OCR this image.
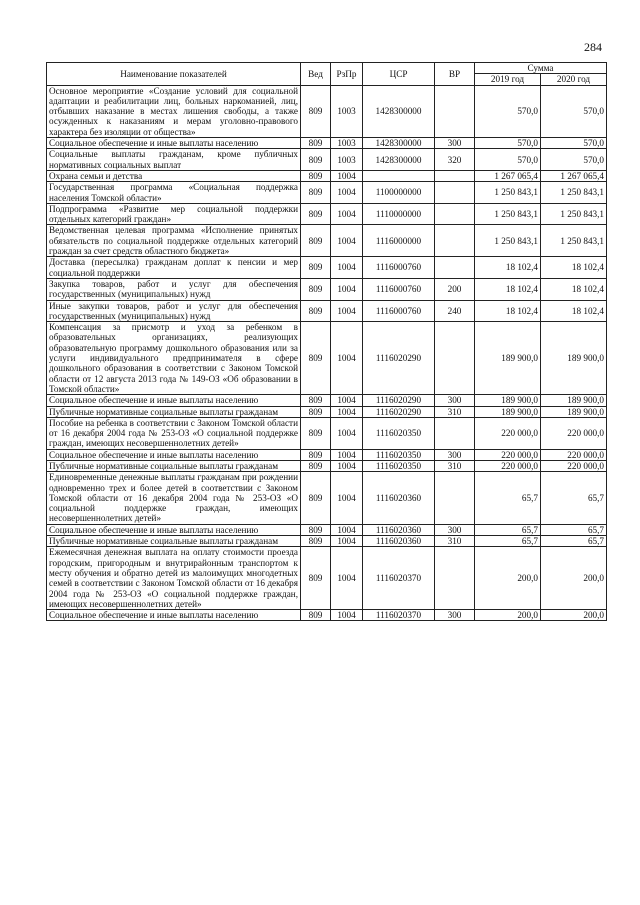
284
Наименование показателей	Вед	РзПр	ЦСР	ВР	Сумма	
					2019 год	2020 год
Основное мероприятие «Создание условий для социальной адаптации и реабилитации лиц, больных наркоманией, лиц, отбывших наказание в местах лишения свободы, а также осужденных к наказаниям и мерам уголовно-правового характера без изоляции от общества»	809	1003	1428300000		570,0	570,0
Социальное обеспечение и иные выплаты населению	809	1003	1428300000	300	570,0	570,0
Социальные выплаты гражданам, кроме публичных нормативных социальных выплат	809	1003	1428300000	320	570,0	570,0
Охрана семьи и детства	809	1004			1 267 065,4	1 267 065,4
Государственная программа «Социальная поддержка населения Томской области»	809	1004	1100000000		1 250 843,1	1 250 843,1
Подпрограмма «Развитие мер социальной поддержки отдельных категорий граждан»	809	1004	1110000000		1 250 843,1	1 250 843,1
Ведомственная целевая программа «Исполнение принятых обязательств по социальной поддержке отдельных категорий граждан за счет средств областного бюджета»	809	1004	1116000000		1 250 843,1	1 250 843,1
Доставка (пересылка) гражданам доплат к пенсии и мер социальной поддержки	809	1004	1116000760		18 102,4	18 102,4
Закупка товаров, работ и услуг для обеспечения государственных (муниципальных) нужд	809	1004	1116000760	200	18 102,4	18 102,4
Иные закупки товаров, работ и услуг для обеспечения государственных (муниципальных) нужд	809	1004	1116000760	240	18 102,4	18 102,4
Компенсация за присмотр и уход за ребенком в образовательных организациях, реализующих образовательную программу дошкольного образования или за услуги индивидуального предпринимателя в сфере дошкольного образования в соответствии с Законом Томской области от 12 августа 2013 года № 149-ОЗ «Об образовании в Томской области»	809	1004	1116020290		189 900,0	189 900,0
Социальное обеспечение и иные выплаты населению	809	1004	1116020290	300	189 900,0	189 900,0
Публичные нормативные социальные выплаты гражданам	809	1004	1116020290	310	189 900,0	189 900,0
Пособие на ребенка в соответствии с Законом Томской области от 16 декабря 2004 года № 253-ОЗ «О социальной поддержке граждан, имеющих несовершеннолетних детей»	809	1004	1116020350		220 000,0	220 000,0
Социальное обеспечение и иные выплаты населению	809	1004	1116020350	300	220 000,0	220 000,0
Публичные нормативные социальные выплаты гражданам	809	1004	1116020350	310	220 000,0	220 000,0
Единовременные денежные выплаты гражданам при рождении одновременно трех и более детей в соответствии с Законом Томской области от 16 декабря 2004 года № 253-ОЗ «О социальной поддержке граждан, имеющих несовершеннолетних детей»	809	1004	1116020360		65,7	65,7
Социальное обеспечение и иные выплаты населению	809	1004	1116020360	300	65,7	65,7
Публичные нормативные социальные выплаты гражданам	809	1004	1116020360	310	65,7	65,7
Ежемесячная денежная выплата на оплату стоимости проезда городским, пригородным и внутрирайонным транспортом к месту обучения и обратно детей из малоимущих многодетных семей в соответствии с Законом Томской области от 16 декабря 2004 года № 253-ОЗ «О социальной поддержке граждан, имеющих несовершеннолетних детей»	809	1004	1116020370		200,0	200,0
Социальное обеспечение и иные выплаты населению	809	1004	1116020370	300	200,0	200,0
